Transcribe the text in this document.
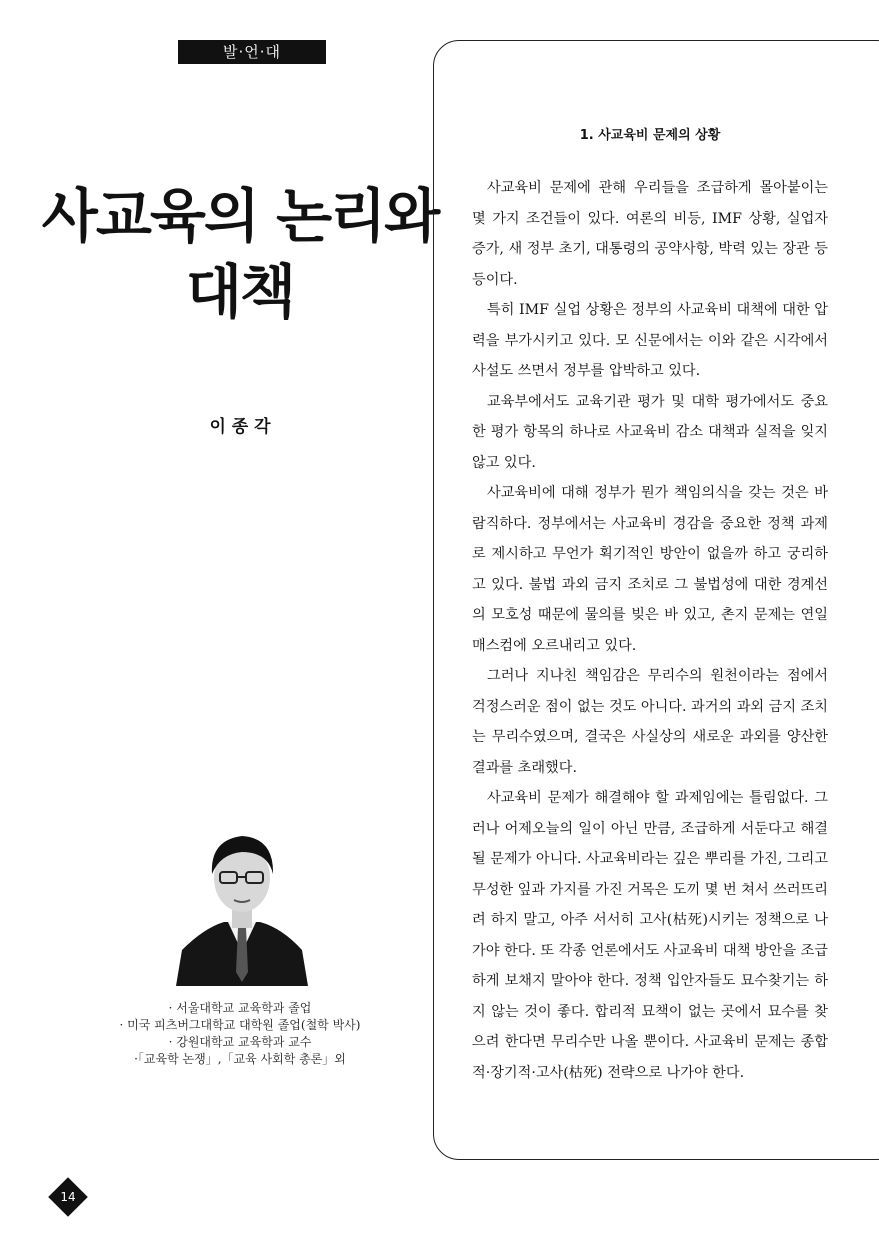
발·언·대
사교육의 논리와
대책
이 종 각
· 서울대학교 교육학과 졸업
· 미국 피츠버그대학교 대학원 졸업(철학 박사)
· 강원대학교 교육학과 교수
·「교육학 논쟁」,「교육 사회학 총론」외
1. 사교육비 문제의 상황

사교육비 문제에 관해 우리들을 조급하게 몰아붙이는 몇 가지 조건들이 있다. 여론의 비등, IMF 상황, 실업자 증가, 새 정부 초기, 대통령의 공약사항, 박력 있는 장관 등등이다.

특히 IMF 실업 상황은 정부의 사교육비 대책에 대한 압력을 부가시키고 있다. 모 신문에서는 이와 같은 시각에서 사설도 쓰면서 정부를 압박하고 있다.

교육부에서도 교육기관 평가 및 대학 평가에서도 중요한 평가 항목의 하나로 사교육비 감소 대책과 실적을 잊지 않고 있다.

사교육비에 대해 정부가 뭔가 책임의식을 갖는 것은 바람직하다. 정부에서는 사교육비 경감을 중요한 정책 과제로 제시하고 무언가 획기적인 방안이 없을까 하고 궁리하고 있다. 불법 과외 금지 조치로 그 불법성에 대한 경계선의 모호성 때문에 물의를 빚은 바 있고, 촌지 문제는 연일 매스컴에 오르내리고 있다.

그러나 지나친 책임감은 무리수의 원천이라는 점에서 걱정스러운 점이 없는 것도 아니다. 과거의 과외 금지 조치는 무리수였으며, 결국은 사실상의 새로운 과외를 양산한 결과를 초래했다.

사교육비 문제가 해결해야 할 과제임에는 틀림없다. 그러나 어제오늘의 일이 아닌 만큼, 조급하게 서둔다고 해결될 문제가 아니다. 사교육비라는 깊은 뿌리를 가진, 그리고 무성한 잎과 가지를 가진 거목은 도끼 몇 번 쳐서 쓰러뜨리려 하지 말고, 아주 서서히 고사(枯死)시키는 정책으로 나가야 한다. 또 각종 언론에서도 사교육비 대책 방안을 조급하게 보채지 말아야 한다. 정책 입안자들도 묘수찾기는 하지 않는 것이 좋다. 합리적 묘책이 없는 곳에서 묘수를 찾으려 한다면 무리수만 나올 뿐이다. 사교육비 문제는 종합적·장기적·고사(枯死) 전략으로 나가야 한다.

14
